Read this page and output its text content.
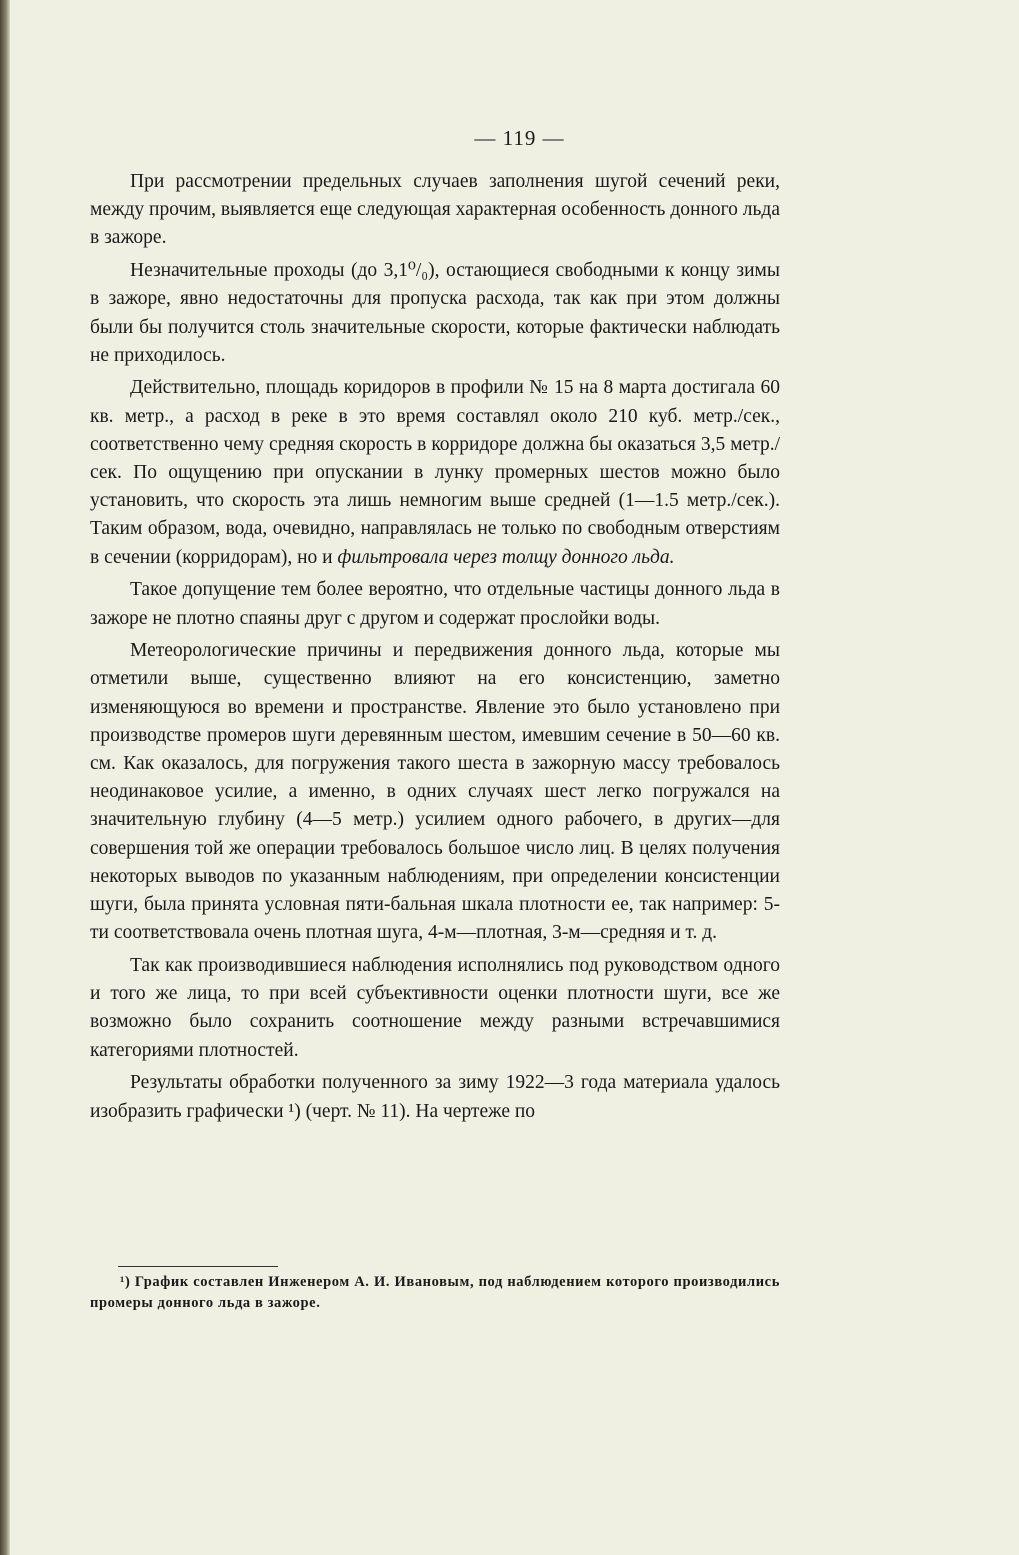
— 119 —

При рассмотрении предельных случаев заполнения шугой сечений реки, между прочим, выявляется еще следующая характерная особенность донного льда в зажоре.

Незначительные проходы (до 3,1⁰/₀), остающиеся свободными к концу зимы в зажоре, явно недостаточны для пропуска расхода, так как при этом должны были бы получится столь значительные скорости, которые фактически наблюдать не приходилось.

Действительно, площадь коридоров в профили № 15 на 8 марта достигала 60 кв. метр., а расход в реке в это время составлял около 210 куб. метр./сек., соответственно чему средняя скорость в корридоре должна бы оказаться 3,5 метр./сек. По ощущению при опускании в лунку промерных шестов можно было установить, что скорость эта лишь немногим выше средней (1—1.5 метр./сек.). Таким образом, вода, очевидно, направлялась не только по свободным отверстиям в сечении (корридорам), но и фильтровала через толщу донного льда.

Такое допущение тем более вероятно, что отдельные частицы донного льда в зажоре не плотно спаяны друг с другом и содержат прослойки воды.

Метеорологические причины и передвижения донного льда, которые мы отметили выше, существенно влияют на его консистенцию, заметно изменяющуюся во времени и пространстве. Явление это было установлено при производстве промеров шуги деревянным шестом, имевшим сечение в 50—60 кв. см. Как оказалось, для погружения такого шеста в зажорную массу требовалось неодинаковое усилие, а именно, в одних случаях шест легко погружался на значительную глубину (4—5 метр.) усилием одного рабочего, в других—для совершения той же операции требовалось большое число лиц. В целях получения некоторых выводов по указанным наблюдениям, при определении консистенции шуги, была принята условная пяти-бальная шкала плотности ее, так например: 5-ти соответствовала очень плотная шуга, 4-м—плотная, 3-м—средняя и т. д.

Так как производившиеся наблюдения исполнялись под руководством одного и того же лица, то при всей субъективности оценки плотности шуги, все же возможно было сохранить соотношение между разными встречавшимися категориями плотностей.

Результаты обработки полученного за зиму 1922—3 года материала удалось изобразить графически ¹) (черт. № 11). На чертеже по

¹) График составлен Инженером А. И. Ивановым, под наблюдением которого производились промеры донного льда в зажоре.
